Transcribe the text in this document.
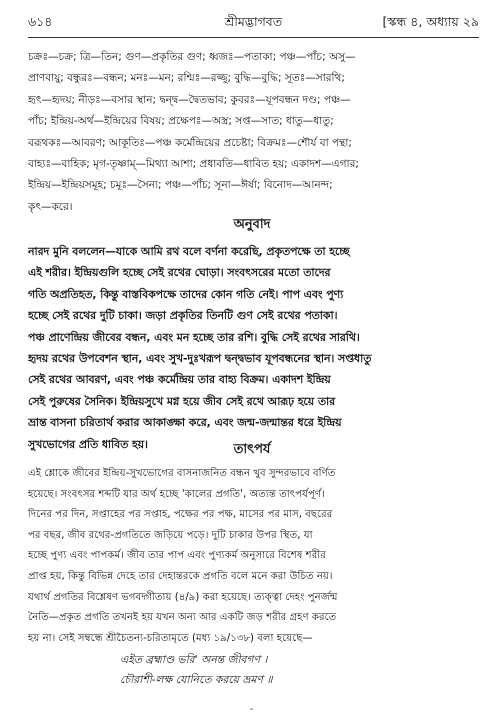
৬১৪	শ্রীমদ্ভাগবত	[স্কন্ধ ৪, অধ্যায় ২৯
চক্রঃ—চক্র; ত্রি—তিন; গুণ—প্রকৃতির গুণ; ধ্বজঃ—পতাকা; পঞ্চ—পাঁচ; অসু—
প্রাণবায়ু; বন্ধুরঃ—বন্ধন; মনঃ—মন; রশ্মিঃ—রজ্জু; বুদ্ধি—বুদ্ধি; সূতঃ—সারথি;
হৃৎ—হৃদয়; নীড়ঃ—বসার স্থান; দ্বন্দ্ব—দ্বৈতভাব; কুবরঃ—যূপবন্ধন দণ্ড; পঞ্চ—
পাঁচ; ইন্দ্রিয়-অর্থ—ইন্দ্রিয়ের বিষয়; প্রক্ষেপঃ—অস্ত্র; সপ্ত—সাত; ধাতু—ধাতু;
বরূথকঃ—আবরণ; আকূতিঃ—পঞ্চ কর্মেন্দ্রিয়ের প্রচেষ্টা; বিক্রমঃ—শৌর্য বা পন্থা;
বাহ্যঃ—বাহিক; মৃগ-তৃষ্ণাম্—মিথ্যা আশা; প্রধাবতি—ধাবিত হয়; একাদশ—এগার;
ইন্দ্রিয়—ইন্দ্রিয়সমূহ; চমূঃ—সৈন্য; পঞ্চ—পাঁচ; সূনা—ঈর্ষা; বিনোদ—আনন্দ;
কৃৎ—করে।
অনুবাদ
নারদ মুনি বললেন—যাকে আমি রথ বলে বর্ণনা করেছি, প্রকৃতপক্ষে তা হচ্ছে
এই শরীর। ইন্দ্রিয়গুলি হচ্ছে সেই রথের ঘোড়া। সংবৎসরের মতো তাদের
গতি অপ্রতিহত, কিন্তু বাস্তবিকপক্ষে তাদের কোন গতি নেই। পাপ এবং পুণ্য
হচ্ছে সেই রথের দুটি চাকা। জড়া প্রকৃতির তিনটি গুণ সেই রথের পতাকা।
পঞ্চ প্রাণেন্দ্রিয় জীবের বন্ধন, এবং মন হচ্ছে তার রশি। বুদ্ধি সেই রথের সারথি।
হৃদয় রথের উপবেশন স্থান, এবং সুখ-দুঃখরূপ দ্বন্দ্বভাব যূপবন্ধনের স্থান। সপ্তধাতু
সেই রথের আবরণ, এবং পঞ্চ কর্মেন্দ্রিয় তার বাহ্য বিক্রম। একাদশ ইন্দ্রিয়
সেই পুরুষের সৈনিক। ইন্দ্রিয়সুখে মগ্ন হয়ে জীব সেই রথে আরূঢ় হয়ে তার
ভ্রান্ত বাসনা চরিতার্থ করার আকাঙ্ক্ষা করে, এবং জন্ম-জন্মান্তর ধরে ইন্দ্রিয়
সুখভোগের প্রতি ধাবিত হয়।	তাৎপর্য
এই শ্লোকে জীবের ইন্দ্রিয়-সুখভোগের বাসনাজনিত বন্ধন খুব সুন্দরভাবে বর্ণিত
হয়েছে। সংবৎসর শব্দটি যার অর্থ হচ্ছে 'কালের প্রগতি', অত্যন্ত তাৎপর্যপূর্ণ।
দিনের পর দিন, সপ্তাহের পর সপ্তাহ, পক্ষের পর পক্ষ, মাসের পর মাস, বছরের
পর বছর, জীব রথের-প্রগতিতে জড়িয়ে পড়ে। দুটি চাকার উপর স্থিত, যা
হচ্ছে পুণ্য এবং পাপকর্ম। জীব তার পাপ এবং পুণ্যকর্ম অনুসারে বিশেষ শরীর
প্রাপ্ত হয়, কিন্তু বিভিন্ন দেহে তার দেহান্তরকে প্রগতি বলে মনে করা উচিত নয়।
যথার্থ প্রগতির বিশ্লেষণ ভগবদ্গীতায় (৪/৯) করা হয়েছে। ত্যক্ত্বা দেহং পুনর্জন্ম
নৈতি—প্রকৃত প্রগতি তখনই হয় যখন অন্য আর একটি জড় শরীর গ্রহণ করতে
হয় না। সেই সম্বন্ধে শ্রীচৈতন্য-চরিতামৃতে (মধ্য ১৯/১৩৮) বলা হয়েছে—
এইত ব্রহ্মাণ্ড ভরি' অনন্ত জীবগণ ।
চৌরাশী-লক্ষ যোনিতে করয়ে ভ্রমণ ॥
-
